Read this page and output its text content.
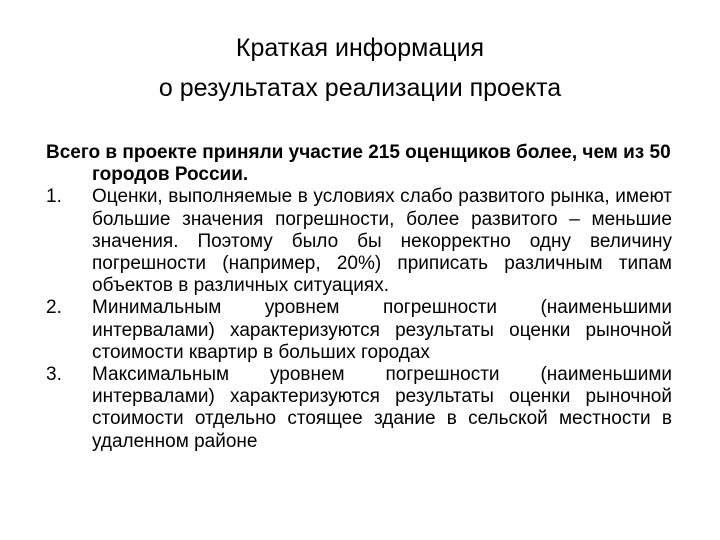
Краткая информация
о результатах реализации проекта
Всего в проекте приняли участие 215 оценщиков более, чем из 50 городов России.
1. Оценки, выполняемые в условиях слабо развитого рынка, имеют большие значения погрешности, более развитого – меньшие значения. Поэтому было бы некорректно одну величину погрешности (например, 20%) приписать различным типам объектов в различных ситуациях.
2. Минимальным уровнем погрешности (наименьшими интервалами) характеризуются результаты оценки рыночной стоимости квартир в больших городах
3. Максимальным уровнем погрешности (наименьшими интервалами) характеризуются результаты оценки рыночной стоимости отдельно стоящее здание в сельской местности в удаленном районе
